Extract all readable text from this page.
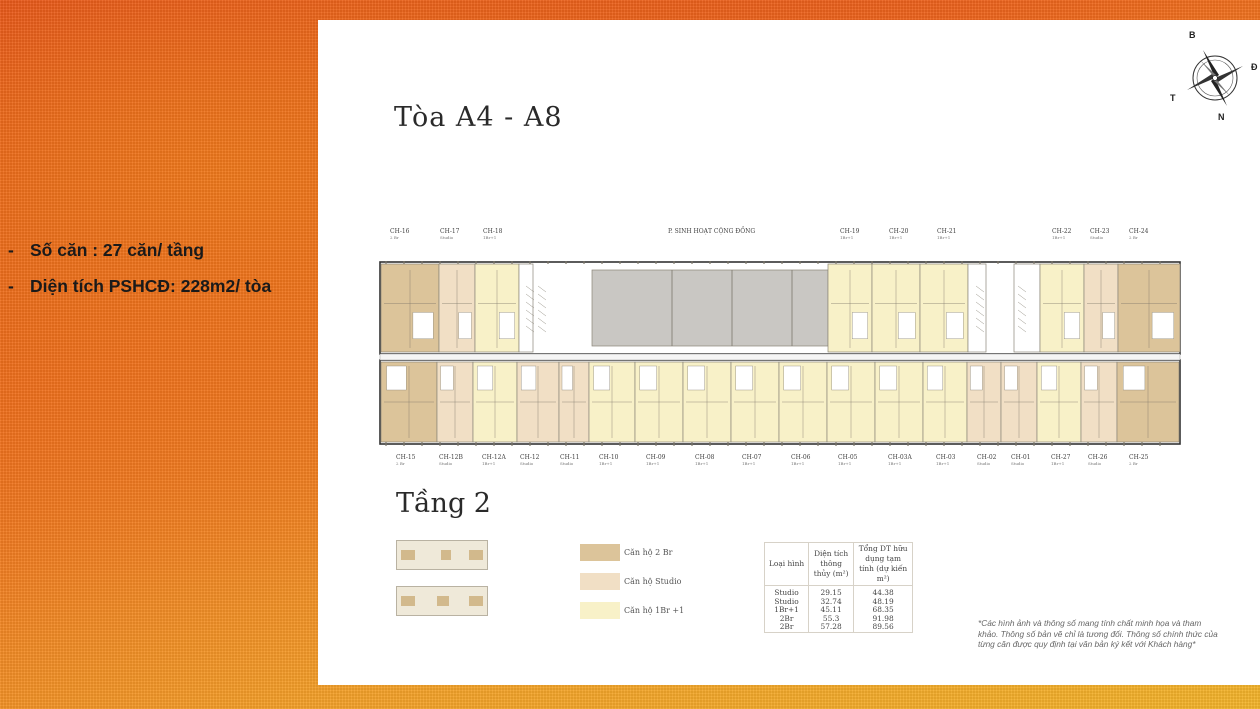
- Số căn : 27 căn/ tầng
- Diện tích PSHCĐ: 228m2/ tòa
Tòa A4 - A8
B
Đ
T
N
P. SINH HOẠT CỘNG ĐỒNG
CH-16
2 Br
CH-17
Studio
CH-18
1Br+1
CH-19
1Br+1
CH-20
1Br+1
CH-21
1Br+1
CH-22
1Br+1
CH-23
Studio
CH-24
2 Br
CH-15
2 Br
CH-12B
Studio
CH-12A
1Br+1
CH-12
Studio
CH-11
Studio
CH-10
1Br+1
CH-09
1Br+1
CH-08
1Br+1
CH-07
1Br+1
CH-06
1Br+1
CH-05
1Br+1
CH-03A
1Br+1
CH-03
1Br+1
CH-02
Studio
CH-01
Studio
CH-27
1Br+1
CH-26
Studio
CH-25
2 Br
Tầng 2
Căn hộ 2 Br
Căn hộ Studio
Căn hộ 1Br +1
Loại hình	Diện tích thông thủy (m²)	Tổng DT hữu dụng tạm tính (dự kiến m²)
Studio	29.15	44.38
Studio	32.74	48.19
1Br+1	45.11	68.35
2Br	55.3	91.98
2Br	57.28	89.56	*Các hình ảnh và thông số mang tính chất minh họa và tham khảo. Thông số bản vẽ chỉ là tương đối. Thông số chính thức của từng căn được quy định tại văn bản ký kết với Khách hàng*
